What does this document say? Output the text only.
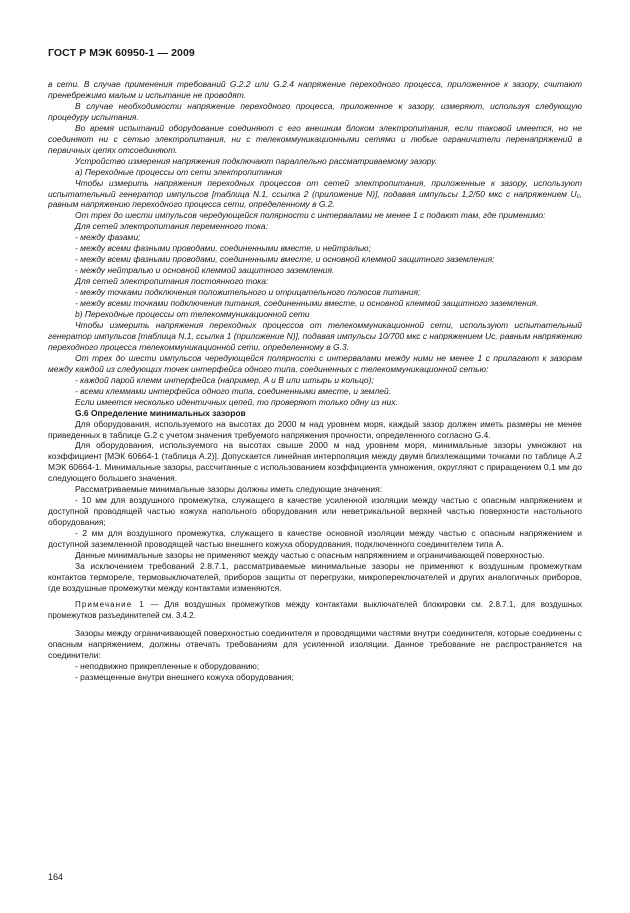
ГОСТ Р МЭК 60950-1 — 2009

в сети. В случае применения требований G.2.2 или G.2.4 напряжение переходного процесса, приложенное к зазору, считают пренебрежимо малым и испытание не проводят.

В случае необходимости напряжение переходного процесса, приложенное к зазору, измеряют, используя следующую процедуру испытания.

Во время испытаний оборудование соединяют с его внешним блоком электропитания, если таковой имеется, но не соединяют ни с сетью электропитания, ни с телекоммуникационными сетями и любые ограничители перенапряжений в первичных цепях отсоединяют.

Устройство измерения напряжения подключают параллельно рассматриваемому зазору.

а) Переходные процессы от сети электропитания

Чтобы измерить напряжения переходных процессов от сетей электропитания, приложенные к зазору, используют испытательный генератор импульсов [таблица N.1, ссылка 2 (приложение N)], подавая импульсы 1,2/50 мкс с напряжением $U_c$, равным напряжению переходного процесса сети, определенному в G.2.

От трех до шести импульсов чередующейся полярности с интервалами не менее 1 с подают там, где применимо:

Для сетей электропитания переменного тока:

- между фазами;

- между всеми фазными проводами, соединенными вместе, и нейтралью;

- между всеми фазными проводами, соединенными вместе, и основной клеммой защитного заземления;

- между нейтралью и основной клеммой защитного заземления.

Для сетей электропитания постоянного тока:

- между точками подключения положительного и отрицательного полюсов питания;

- между всеми точками подключения питания, соединенными вместе, и основной клеммой защитного заземления.

b) Переходные процессы от телекоммуникационной сети

Чтобы измерить напряжения переходных процессов от телекоммуникационной сети, используют испытательный генератор импульсов [таблица N.1, ссылка 1 (приложение N)], подавая импульсы 10/700 мкс с напряжением Uc, равным напряжению переходного процесса телекоммуникационной сети, определенному в G.3.

От трех до шести импульсов чередующейся полярности с интервалами между ними не менее 1 с прилагают к зазорам между каждой из следующих точек интерфейса одного типа, соединенных с телекоммуникационной сетью:

- каждой парой клемм интерфейса (например, A и B или штырь и кольцо);

- всеми клеммами интерфейса одного типа, соединенными вместе, и землей.

Если имеется несколько идентичных цепей, то проверяют только одну из них.

G.6 Определение минимальных зазоров

Для оборудования, используемого на высотах до 2000 м над уровнем моря, каждый зазор должен иметь размеры не менее приведенных в таблице G.2 с учетом значения требуемого напряжения прочности, определенного согласно G.4.

Для оборудования, используемого на высотах свыше 2000 м над уровнем моря, минимальные зазоры умножают на коэффициент [МЭК 60664-1 (таблица A.2)]. Допускается линейная интерполяция между двумя близлежащими точками по таблице A.2 МЭК 60664-1. Минимальные зазоры, рассчитанные с использованием коэффициента умножения, округляют с приращением 0,1 мм до следующего большего значения.

Рассматриваемые минимальные зазоры должны иметь следующие значения:

- 10 мм для воздушного промежутка, служащего в качестве усиленной изоляции между частью с опасным напряжением и доступной проводящей частью кожуха напольного оборудования или неветрикальной верхней частью поверхности настольного оборудования;

- 2 мм для воздушного промежутка, служащего в качестве основной изоляции между частью с опасным напряжением и доступной заземленной проводящей частью внешнего кожуха оборудования, подключенного соединителем типа A.

Данные минимальные зазоры не применяют между частью с опасным напряжением и ограничивающей поверхностью.

За исключением требований 2.8.7.1, рассматриваемые минимальные зазоры не применяют к воздушным промежуткам контактов термореле, термовыключателей, приборов защиты от перегрузки, микропереключателей и других аналогичных приборов, где воздушные промежутки между контактами изменяются.

Примечание 1 — Для воздушных промежутков между контактами выключателей блокировки см. 2.8.7.1, для воздушных промежутков разъединителей см. 3.4.2.

Зазоры между ограничивающей поверхностью соединителя и проводящими частями внутри соединителя, которые соединены с опасным напряжением, должны отвечать требованиям для усиленной изоляции. Данное требование не распространяется на соединители:

- неподвижно прикрепленные к оборудованию;

- размещенные внутри внешнего кожуха оборудования;

164
